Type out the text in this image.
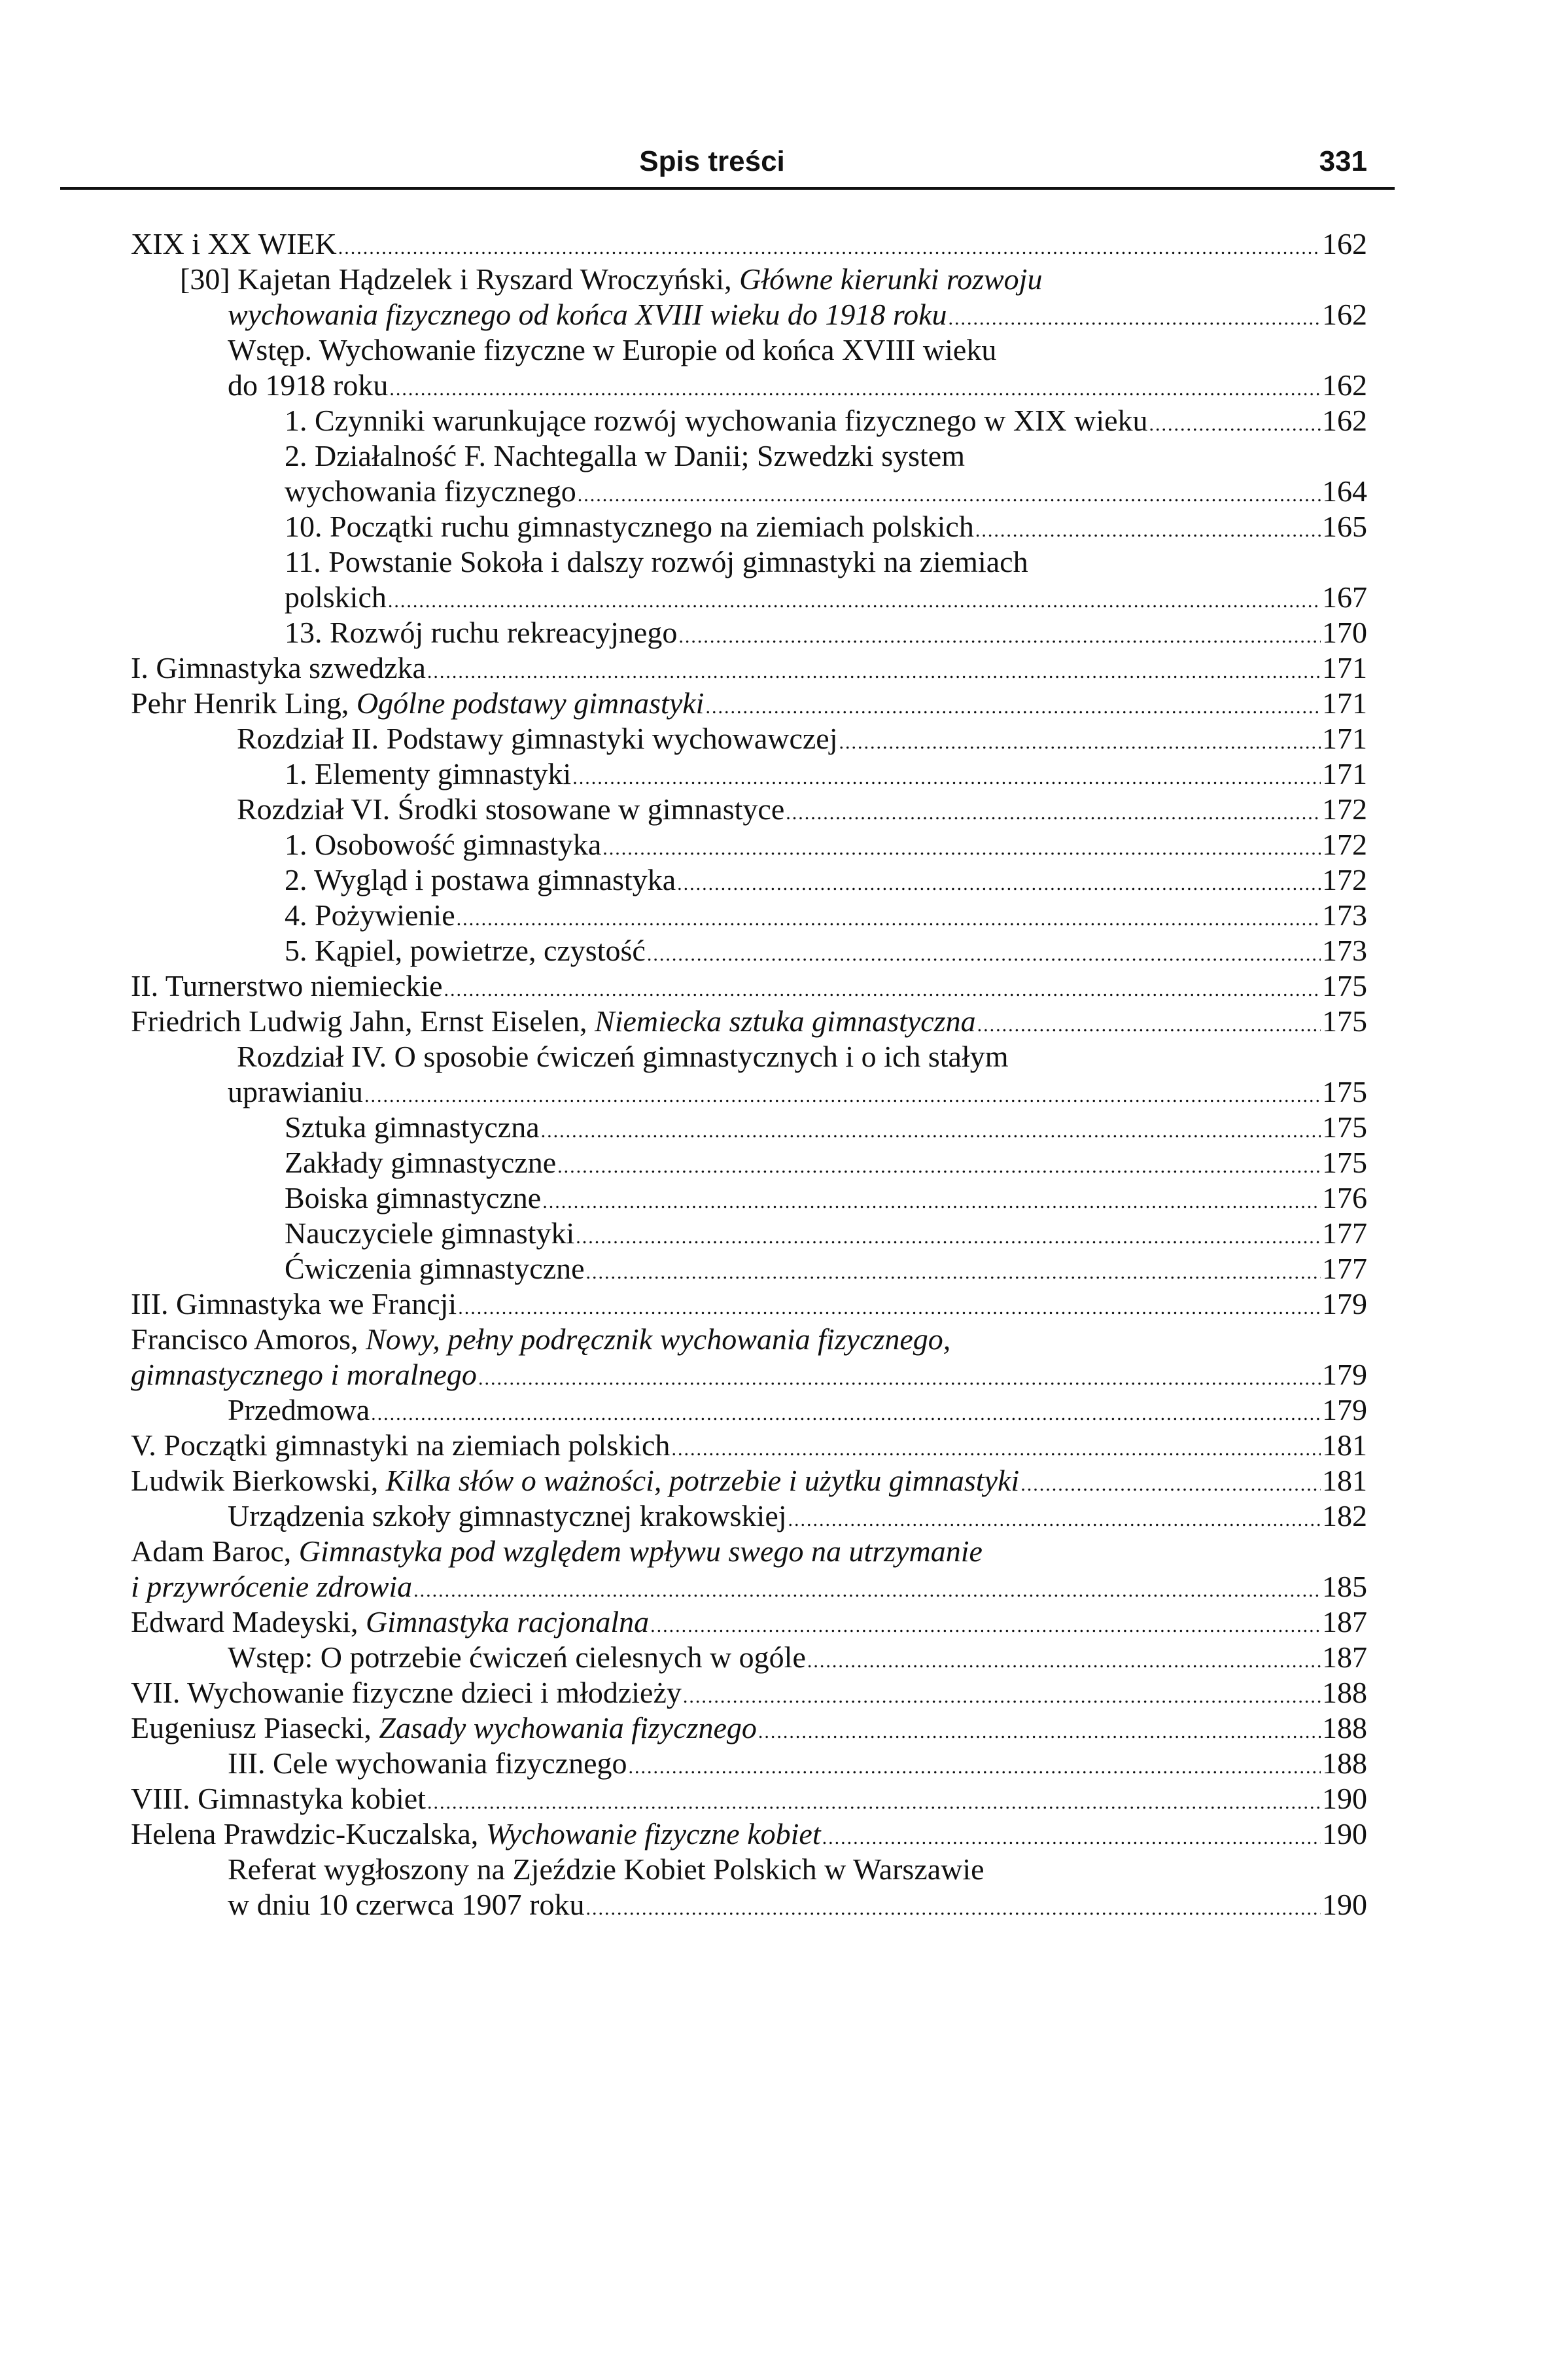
Spis treści	331
XIX i XX WIEK .....	162
[30] Kajetan Hądzelek i Ryszard Wroczyński, Główne kierunki rozwoju
wychowania fizycznego od końca XVIII wieku do 1918 roku .....	162
Wstęp. Wychowanie fizyczne w Europie od końca XVIII wieku
do 1918 roku .....	162
1. Czynniki warunkujące rozwój wychowania fizycznego w XIX wieku .....	162
2. Działalność F. Nachtegalla w Danii; Szwedzki system
wychowania fizycznego .....	164
10. Początki ruchu gimnastycznego na ziemiach polskich .....	165
11. Powstanie Sokoła i dalszy rozwój gimnastyki na ziemiach
polskich .....	167
13. Rozwój ruchu rekreacyjnego .....	170
I. Gimnastyka szwedzka .....	171
Pehr Henrik Ling, Ogólne podstawy gimnastyki .....	171
Rozdział II. Podstawy gimnastyki wychowawczej .....	171
1. Elementy gimnastyki .....	171
Rozdział VI. Środki stosowane w gimnastyce .....	172
1. Osobowość gimnastyka .....	172
2. Wygląd i postawa gimnastyka .....	172
4. Pożywienie .....	173
5. Kąpiel, powietrze, czystość .....	173
II. Turnerstwo niemieckie .....	175
Friedrich Ludwig Jahn, Ernst Eiselen, Niemiecka sztuka gimnastyczna .....	175
Rozdział IV. O sposobie ćwiczeń gimnastycznych i o ich stałym
uprawianiu .....	175
Sztuka gimnastyczna .....	175
Zakłady gimnastyczne .....	175
Boiska gimnastyczne .....	176
Nauczyciele gimnastyki .....	177
Ćwiczenia gimnastyczne .....	177
III. Gimnastyka we Francji .....	179
Francisco Amoros, Nowy, pełny podręcznik wychowania fizycznego,
gimnastycznego i moralnego .....	179
Przedmowa .....	179
V. Początki gimnastyki na ziemiach polskich .....	181
Ludwik Bierkowski, Kilka słów o ważności, potrzebie i użytku gimnastyki .....	181
Urządzenia szkoły gimnastycznej krakowskiej .....	182
Adam Baroc, Gimnastyka pod względem wpływu swego na utrzymanie
i przywrócenie zdrowia .....	185
Edward Madeyski, Gimnastyka racjonalna .....	187
Wstęp: O potrzebie ćwiczeń cielesnych w ogóle .....	187
VII. Wychowanie fizyczne dzieci i młodzieży .....	188
Eugeniusz Piasecki, Zasady wychowania fizycznego .....	188
III. Cele wychowania fizycznego .....	188
VIII. Gimnastyka kobiet .....	190
Helena Prawdzic-Kuczalska, Wychowanie fizyczne kobiet .....	190
Referat wygłoszony na Zjeździe Kobiet Polskich w Warszawie
w dniu 10 czerwca 1907 roku .....	190
